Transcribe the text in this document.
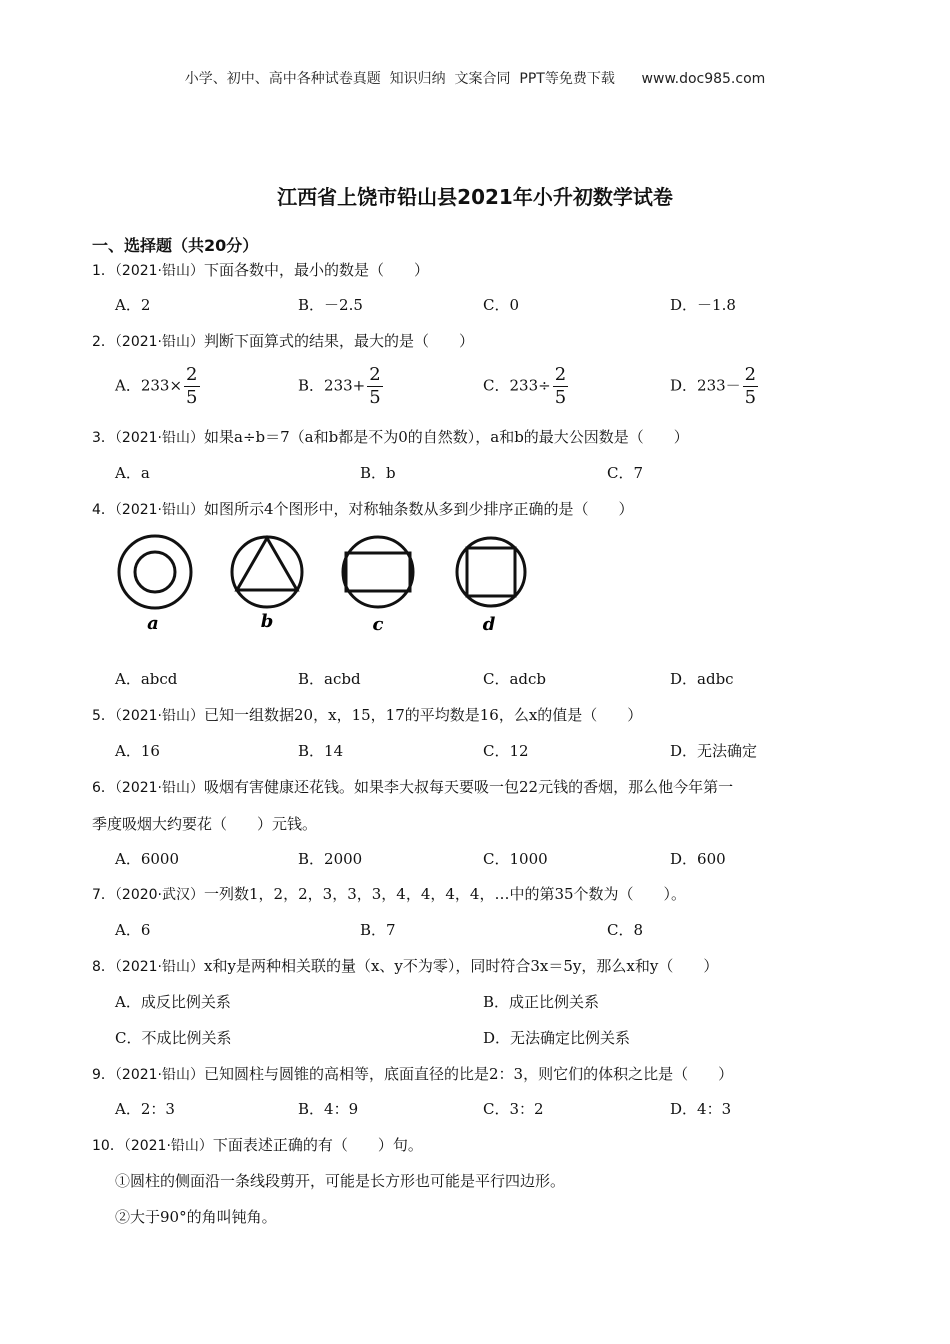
小学、初中、高中各种试卷真题  知识归纳  文案合同  PPT等免费下载 www.doc985.com
江西省上饶市铅山县2021年小升初数学试卷
一、选择题（共20分）
1．（2021·铅山）下面各数中，最小的数是（　　）
A．2	B．－2.5	C．0	D．－1.8
2．（2021·铅山）判断下面算式的结果，最大的是（　　）
A．$233\times \frac{2}{5}$	B．$233+ \frac{2}{5}$	C．$233\div \frac{2}{5}$	D．$233- \frac{2}{5}$
3．（2021·铅山）如果a÷b＝7（a和b都是不为0的自然数），a和b的最大公因数是（　　）
A．a	B．b	C．7
4．（2021·铅山）如图所示4个图形中，对称轴条数从多到少排序正确的是（　　）
a	b	c	d
A．abcd	B．acbd	C．adcb	D．adbc
5．（2021·铅山）已知一组数据20，x，15，17的平均数是16，么x的值是（　　）
A．16	B．14	C．12	D．无法确定
6．（2021·铅山）吸烟有害健康还花钱。如果李大叔每天要吸一包22元钱的香烟，那么他今年第一
季度吸烟大约要花（　　）元钱。
A．6000	B．2000	C．1000	D．600
7．（2020·武汉）一列数1，2，2，3，3，3，4，4，4，4，…中的第35个数为（　　）。
A．6	B．7	C．8
8．（2021·铅山）x和y是两种相关联的量（x、y不为零），同时符合3x＝5y，那么x和y（　　）
A．成反比例关系	B．成正比例关系
C．不成比例关系	D．无法确定比例关系
9．（2021·铅山）已知圆柱与圆锥的高相等，底面直径的比是2：3，则它们的体积之比是（　　）
A．2：3	B．4：9	C．3：2	D．4：3
10．（2021·铅山）下面表述正确的有（　　）句。
①圆柱的侧面沿一条线段剪开，可能是长方形也可能是平行四边形。
②大于90°的角叫钝角。
